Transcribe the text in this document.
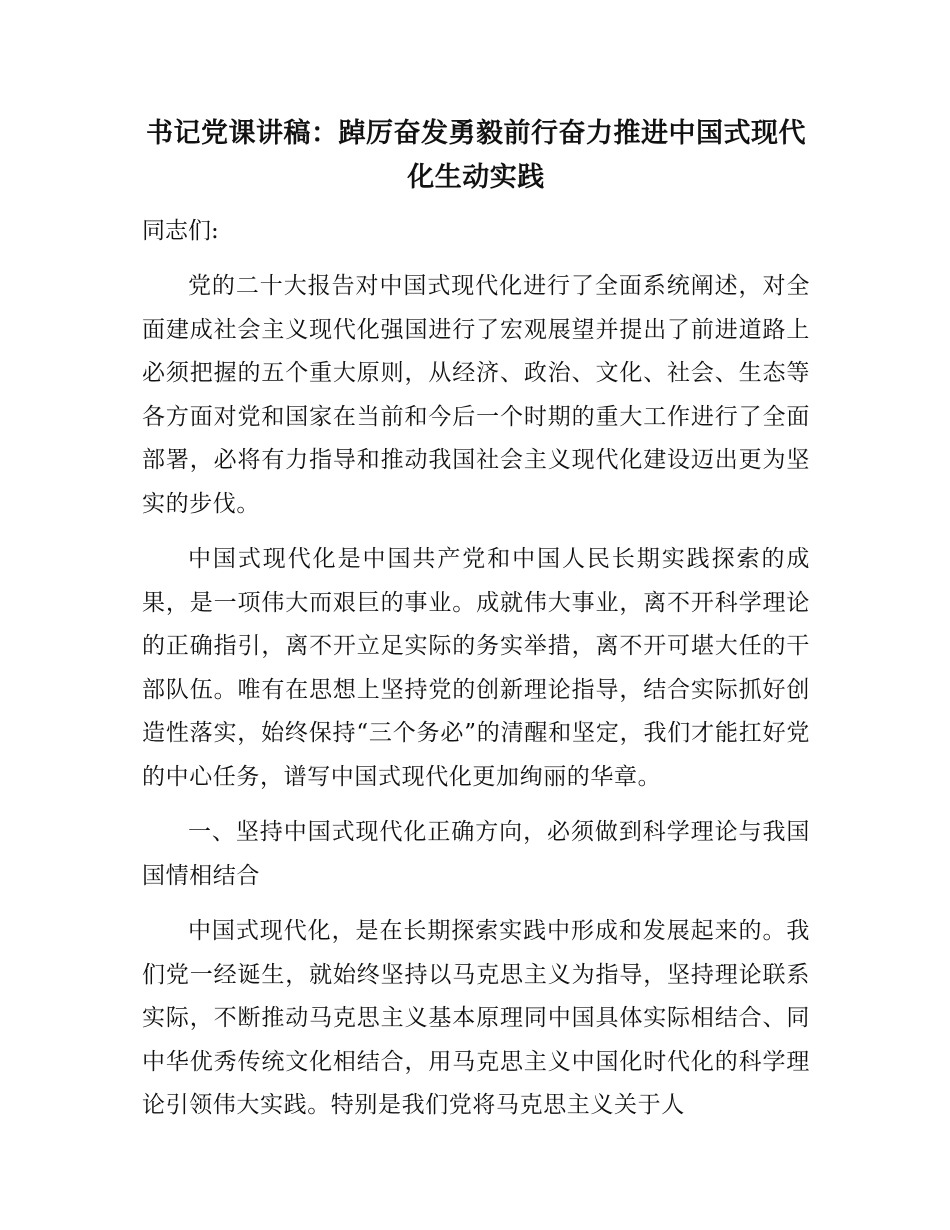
书记党课讲稿：踔厉奋发勇毅前行奋力推进中国式现代化生动实践

同志们:

党的二十大报告对中国式现代化进行了全面系统阐述，对全面建成社会主义现代化强国进行了宏观展望并提出了前进道路上必须把握的五个重大原则，从经济、政治、文化、社会、生态等各方面对党和国家在当前和今后一个时期的重大工作进行了全面部署，必将有力指导和推动我国社会主义现代化建设迈出更为坚实的步伐。

中国式现代化是中国共产党和中国人民长期实践探索的成果，是一项伟大而艰巨的事业。成就伟大事业，离不开科学理论的正确指引，离不开立足实际的务实举措，离不开可堪大任的干部队伍。唯有在思想上坚持党的创新理论指导，结合实际抓好创造性落实，始终保持“三个务必”的清醒和坚定，我们才能扛好党的中心任务，谱写中国式现代化更加绚丽的华章。

一、坚持中国式现代化正确方向，必须做到科学理论与我国国情相结合

中国式现代化，是在长期探索实践中形成和发展起来的。我们党一经诞生，就始终坚持以马克思主义为指导，坚持理论联系实际，不断推动马克思主义基本原理同中国具体实际相结合、同中华优秀传统文化相结合，用马克思主义中国化时代化的科学理论引领伟大实践。特别是我们党将马克思主义关于人
